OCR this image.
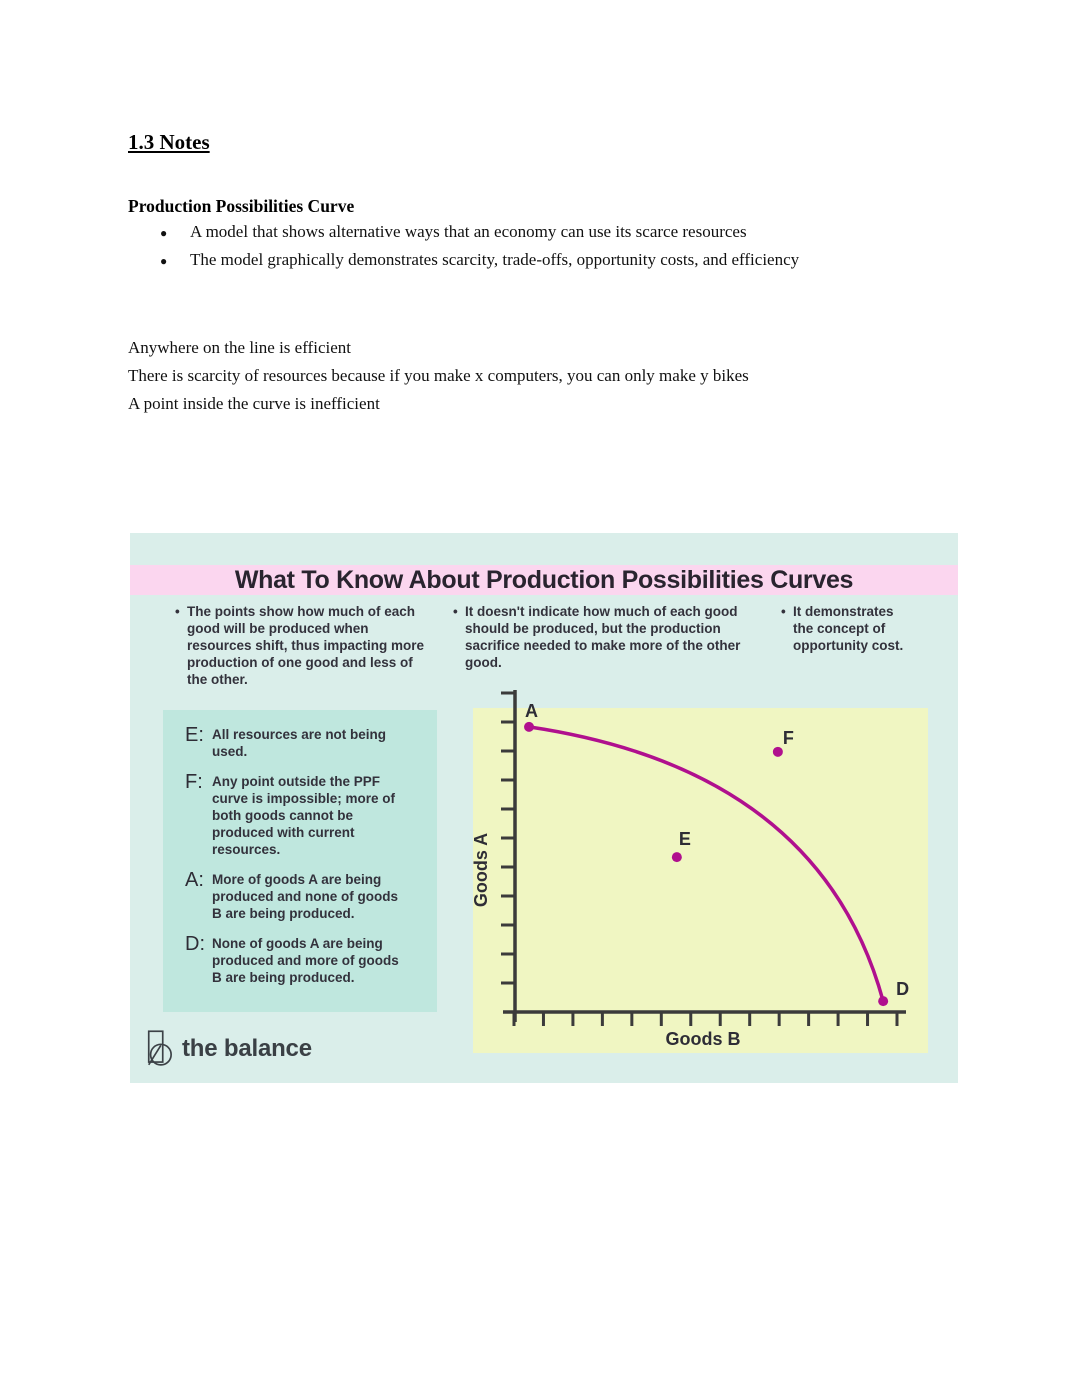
1.3 Notes
Production Possibilities Curve
●	A model that shows alternative ways that an economy can use its scarce resources
●	The model graphically demonstrates scarcity, trade-offs, opportunity costs, and efficiency
Anywhere on the line is efficient
There is scarcity of resources because if you make x computers, you can only make y bikes
A point inside the curve is inefficient
What To Know About Production Possibilities Curves
• The points show how much of each good will be produced when resources shift, thus impacting more production of one good and less of the other.
• It doesn't indicate how much of each good should be produced, but the production sacrifice needed to make more of the other good.
• It demonstrates the concept of opportunity cost.
E: All resources are not being used.
F: Any point outside the PPF curve is impossible; more of both goods cannot be produced with current resources.
A: More of goods A are being produced and none of goods B are being produced.
D: None of goods A are being produced and more of goods B are being produced.
A
F
E
D
Goods A
Goods B
the balance
